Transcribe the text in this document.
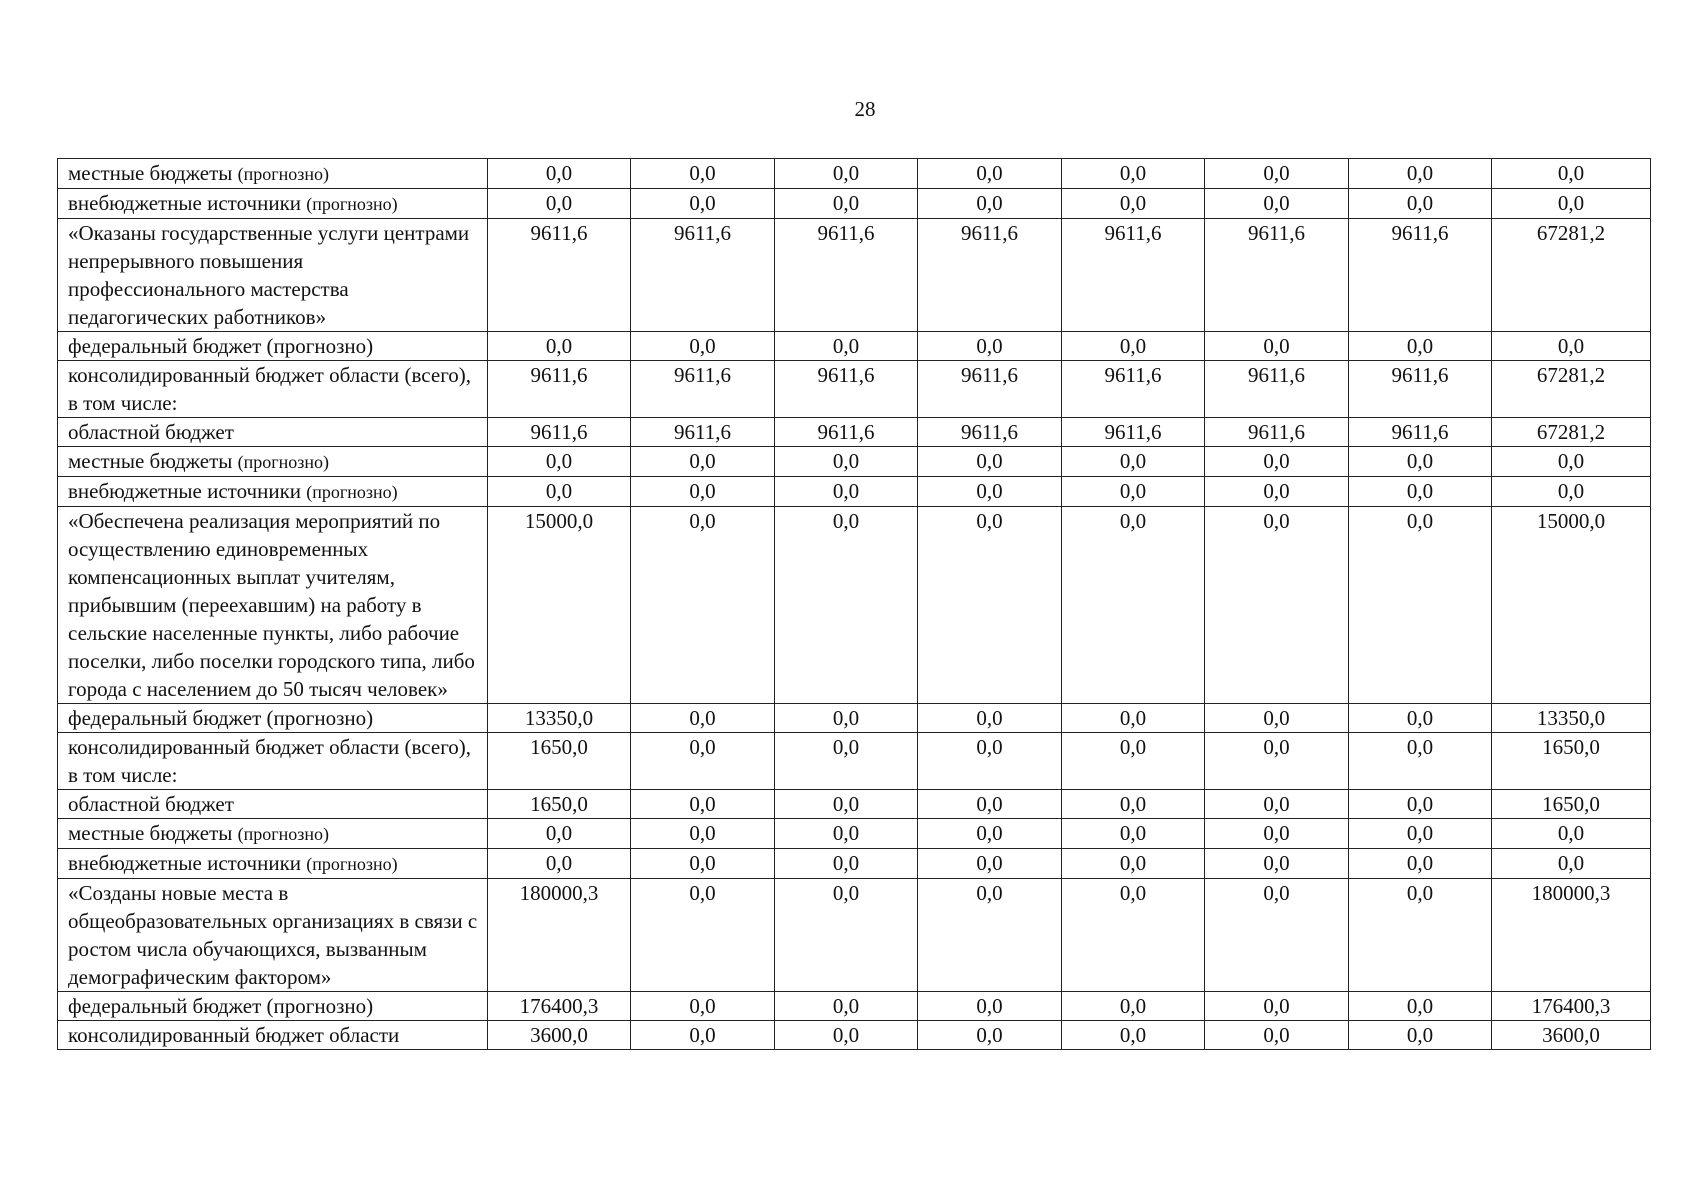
28
местные бюджеты (прогнозно)	0,0	0,0	0,0	0,0	0,0	0,0	0,0	0,0
внебюджетные источники (прогнозно)	0,0	0,0	0,0	0,0	0,0	0,0	0,0	0,0
«Оказаны государственные услуги центрами непрерывного повышения профессионального мастерства педагогических работников»	9611,6	9611,6	9611,6	9611,6	9611,6	9611,6	9611,6	67281,2
федеральный бюджет (прогнозно)	0,0	0,0	0,0	0,0	0,0	0,0	0,0	0,0
консолидированный бюджет области (всего), в том числе:	9611,6	9611,6	9611,6	9611,6	9611,6	9611,6	9611,6	67281,2
областной бюджет	9611,6	9611,6	9611,6	9611,6	9611,6	9611,6	9611,6	67281,2
местные бюджеты (прогнозно)	0,0	0,0	0,0	0,0	0,0	0,0	0,0	0,0
внебюджетные источники (прогнозно)	0,0	0,0	0,0	0,0	0,0	0,0	0,0	0,0
«Обеспечена реализация мероприятий по осуществлению единовременных компенсационных выплат учителям, прибывшим (переехавшим) на работу в сельские населенные пункты, либо рабочие поселки, либо поселки городского типа, либо города с населением до 50 тысяч человек»	15000,0	0,0	0,0	0,0	0,0	0,0	0,0	15000,0
федеральный бюджет (прогнозно)	13350,0	0,0	0,0	0,0	0,0	0,0	0,0	13350,0
консолидированный бюджет области (всего), в том числе:	1650,0	0,0	0,0	0,0	0,0	0,0	0,0	1650,0
областной бюджет	1650,0	0,0	0,0	0,0	0,0	0,0	0,0	1650,0
местные бюджеты (прогнозно)	0,0	0,0	0,0	0,0	0,0	0,0	0,0	0,0
внебюджетные источники (прогнозно)	0,0	0,0	0,0	0,0	0,0	0,0	0,0	0,0
«Созданы новые места в общеобразовательных организациях в связи с ростом числа обучающихся, вызванным демографическим фактором»	180000,3	0,0	0,0	0,0	0,0	0,0	0,0	180000,3
федеральный бюджет (прогнозно)	176400,3	0,0	0,0	0,0	0,0	0,0	0,0	176400,3
консолидированный бюджет области	3600,0	0,0	0,0	0,0	0,0	0,0	0,0	3600,0
